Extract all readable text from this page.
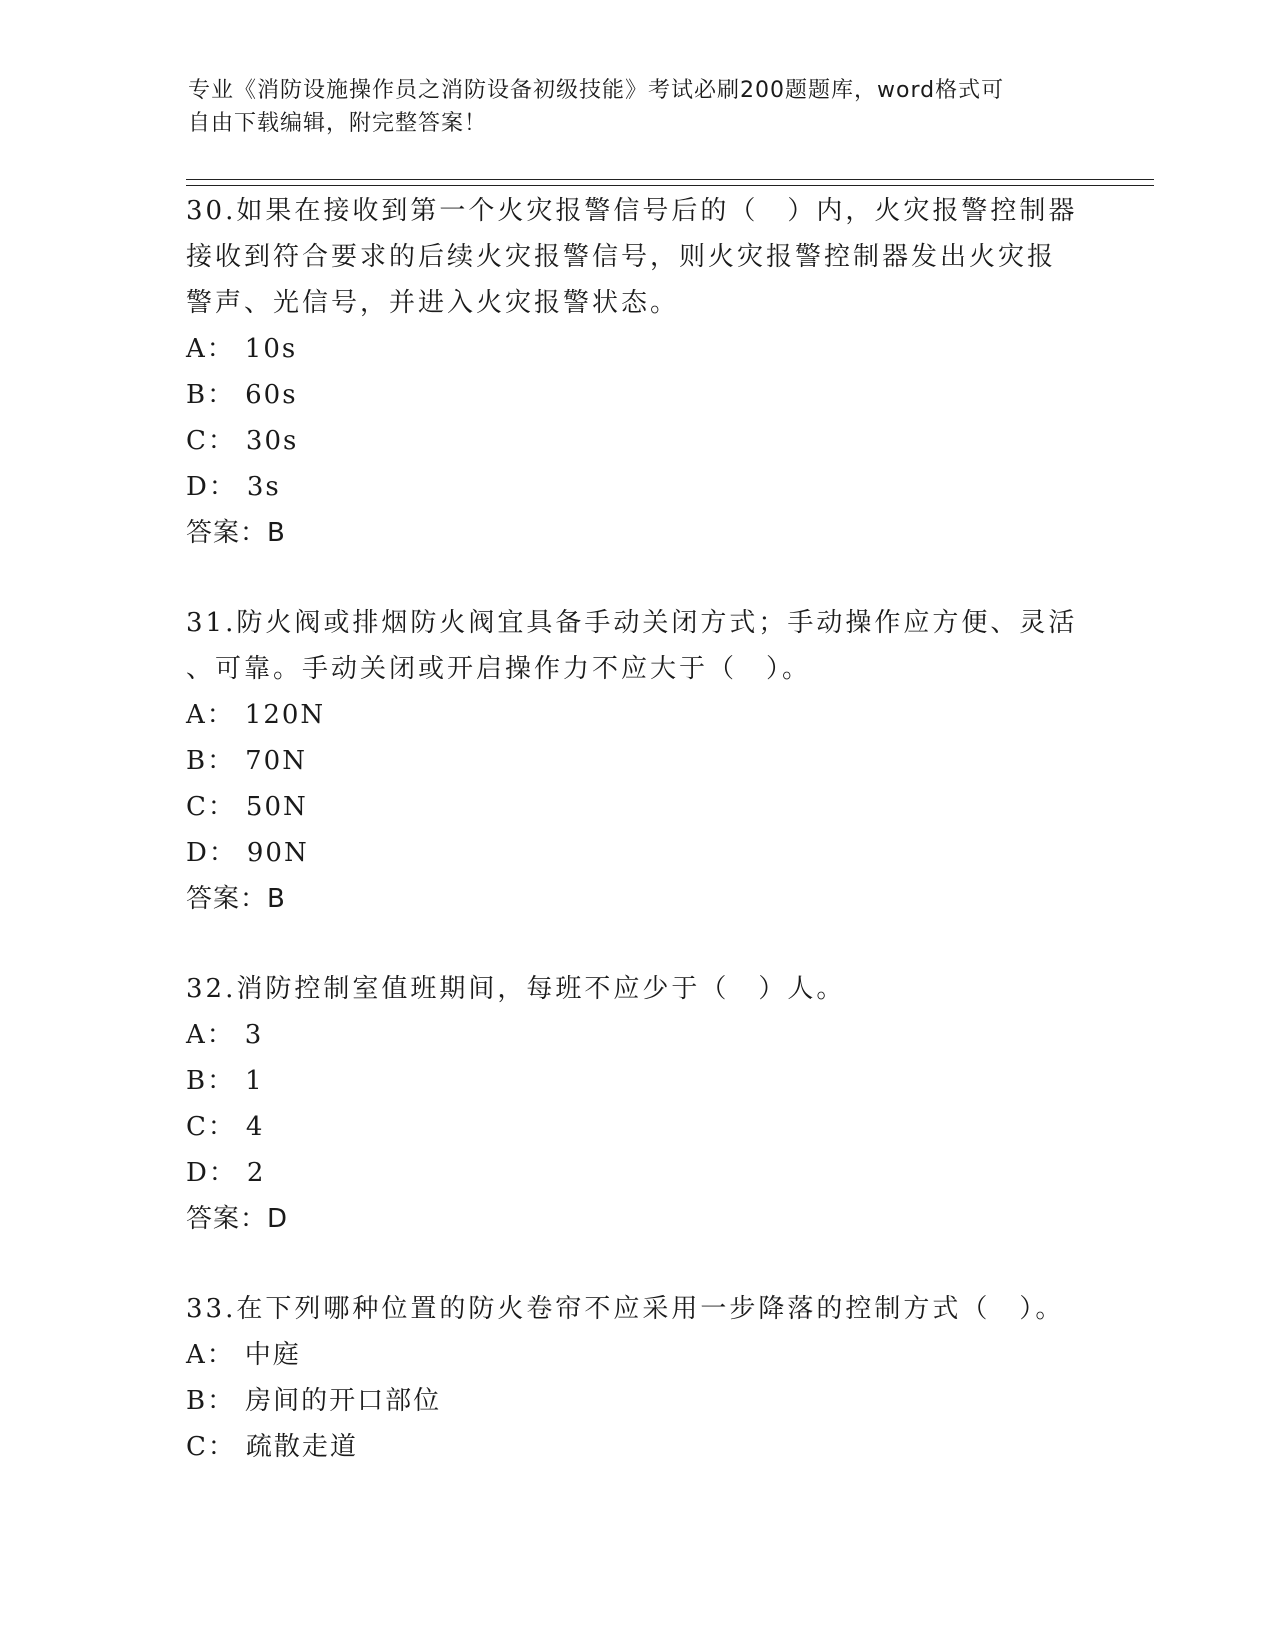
专业《消防设施操作员之消防设备初级技能》考试必刷200题题库，word格式可
自由下载编辑，附完整答案！

30.如果在接收到第一个火灾报警信号后的（　）内，火灾报警控制器

接收到符合要求的后续火灾报警信号，则火灾报警控制器发出火灾报

警声、光信号，并进入火灾报警状态。

A： 10s

B： 60s

C： 30s

D： 3s

答案：B

31.防火阀或排烟防火阀宜具备手动关闭方式；手动操作应方便、灵活

、可靠。手动关闭或开启操作力不应大于（　）。

A： 120N

B： 70N

C： 50N

D： 90N

答案：B

32.消防控制室值班期间，每班不应少于（　）人。

A： 3

B： 1

C： 4

D： 2

答案：D

33.在下列哪种位置的防火卷帘不应采用一步降落的控制方式（　）。

A： 中庭

B： 房间的开口部位

C： 疏散走道
